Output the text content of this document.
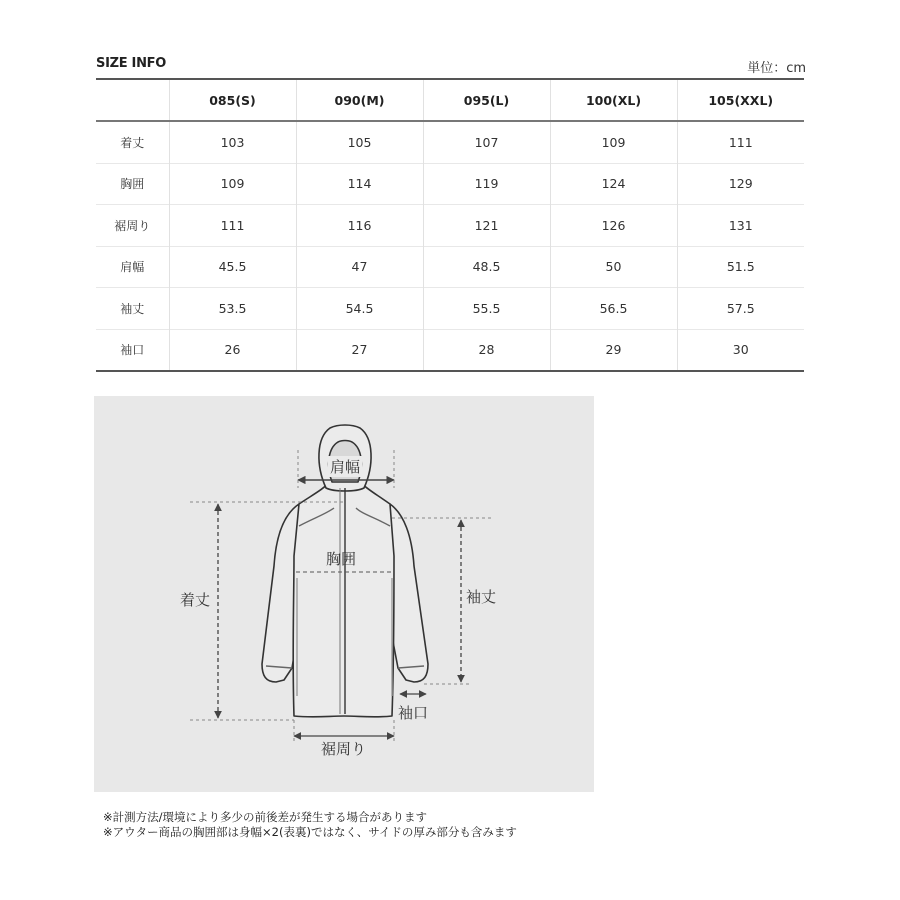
SIZE INFO	単位：cm
	085(S)	090(M)	095(L)	100(XL)	105(XXL)
着丈	103	105	107	109	111
胸囲	109	114	119	124	129
裾周り	111	116	121	126	131
肩幅	45.5	47	48.5	50	51.5
袖丈	53.5	54.5	55.5	56.5	57.5
袖口	26	27	28	29	30
肩幅
胸囲
着丈	袖丈
袖口
裾周り
※計測方法/環境により多少の前後差が発生する場合があります
※アウター商品の胸囲部は身幅×2(表裏)ではなく、サイドの厚み部分も含みます
